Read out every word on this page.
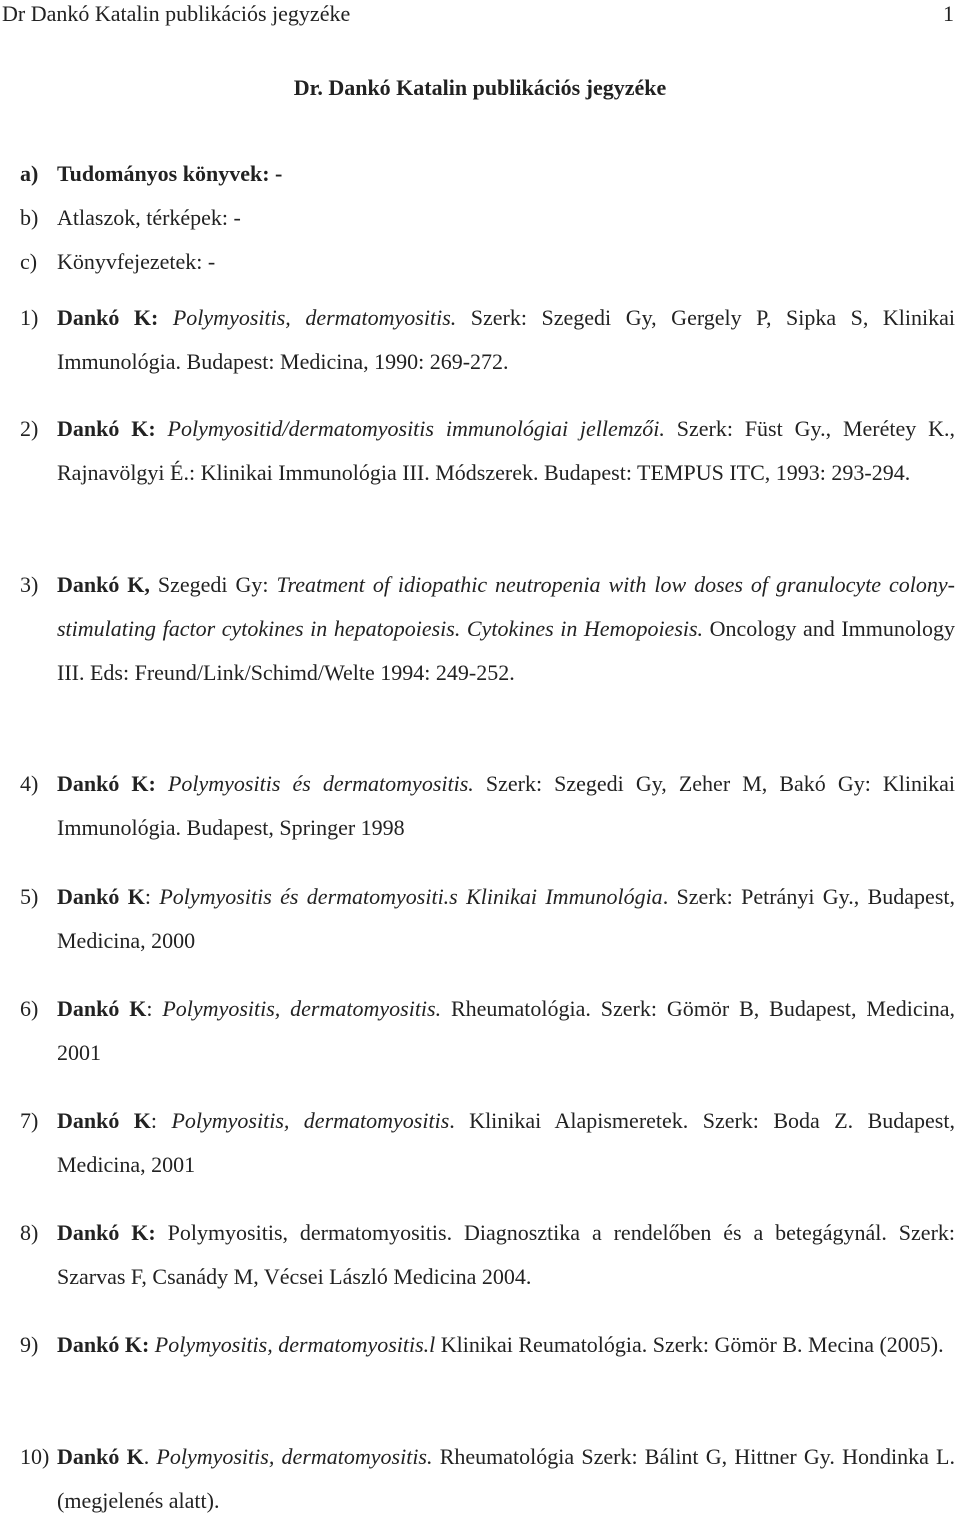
Dr Dankó Katalin publikációs jegyzéke	1
Dr. Dankó Katalin publikációs jegyzéke
a) Tudományos könyvek: -
b) Atlaszok, térképek: -
c) Könyvfejezetek: -
1) Dankó K: Polymyositis, dermatomyositis. Szerk: Szegedi Gy, Gergely P, Sipka S, Klinikai Immunológia. Budapest: Medicina, 1990: 269-272.
2) Dankó K: Polymyositid/dermatomyositis immunológiai jellemzői. Szerk: Füst Gy., Merétey K., Rajnavölgyi É.: Klinikai Immunológia III. Módszerek. Budapest: TEMPUS ITC, 1993: 293-294.
3) Dankó K, Szegedi Gy: Treatment of idiopathic neutropenia with low doses of granulocyte colony-stimulating factor cytokines in hepatopoiesis. Cytokines in Hemopoiesis. Oncology and Immunology III. Eds: Freund/Link/Schimd/Welte 1994: 249-252.
4) Dankó K: Polymyositis és dermatomyositis. Szerk: Szegedi Gy, Zeher M, Bakó Gy: Klinikai Immunológia. Budapest, Springer 1998
5) Dankó K: Polymyositis és dermatomyositi.s Klinikai Immunológia. Szerk: Petrányi Gy., Budapest, Medicina, 2000
6) Dankó K: Polymyositis, dermatomyositis. Rheumatológia. Szerk: Gömör B, Budapest, Medicina, 2001
7) Dankó K: Polymyositis, dermatomyositis. Klinikai Alapismeretek. Szerk: Boda Z. Budapest, Medicina, 2001
8) Dankó K: Polymyositis, dermatomyositis. Diagnosztika a rendelőben és a betegágynál. Szerk: Szarvas F, Csanády M, Vécsei László Medicina 2004.
9) Dankó K: Polymyositis, dermatomyositis.l Klinikai Reumatológia. Szerk: Gömör B. Mecina (2005).
10) Dankó K. Polymyositis, dermatomyositis. Rheumatológia Szerk: Bálint G, Hittner Gy. Hondinka L. (megjelenés alatt).
